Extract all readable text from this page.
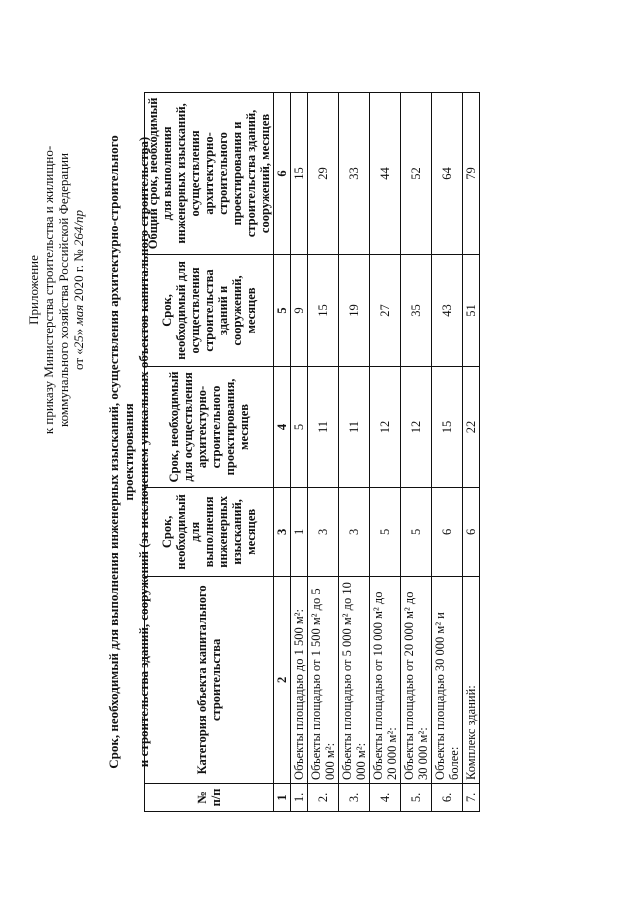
Приложение к приказу Министерства строительства и жилищно- коммунального хозяйства Российской Федерации от «25» мая 2020 г. № 264/пр Срок, необходимый для выполнения инженерных изысканий, осуществления архитектурно-строительного проектирования и строительства зданий, сооружений (за исключением уникальных объектов капитального строительства)
№ п/п	Категория объекта капитального строительства	Срок, необходимый для выполнения инженерных изысканий, месяцев	Срок, необходимый для осуществления архитектурно-строительного проектирования, месяцев	Срок, необходимый для осуществления строительства зданий и сооружений, месяцев	Общий срок, необходимый для выполнения инженерных изысканий, осуществления архитектурно-строительного проектирования и строительства зданий, сооружений, месяцев
1	2	3	4	5	6
1.	Объекты площадью до 1 500 м²:	1	5	9	15
2.	Объекты площадью от 1 500 м² до 5 000 м²:	3	11	15	29
3.	Объекты площадью от 5 000 м² до 10 000 м²:	3	11	19	33
4.	Объекты площадью от 10 000 м² до 20 000 м²:	5	12	27	44
5.	Объекты площадью от 20 000 м² до 30 000 м²:	5	12	35	52
6.	Объекты площадью 30 000 м² и более:	6	15	43	64
7.	Комплекс зданий:	6	22	51	79
